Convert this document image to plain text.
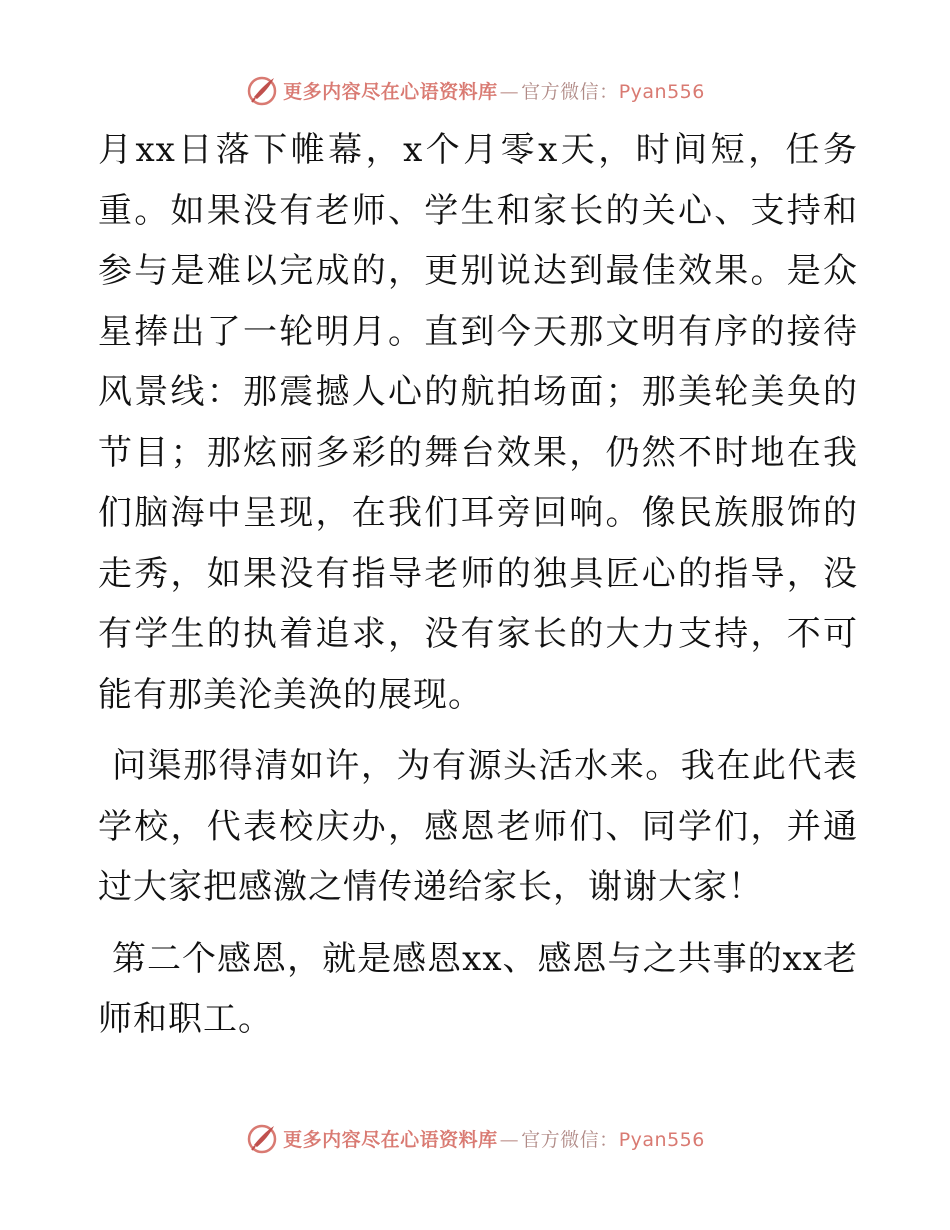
更多内容尽在心语资料库 — 官方微信：Pyan556

月xx日落下帷幕，x个月零x天，时间短，任务重。如果没有老师、学生和家长的关心、支持和参与是难以完成的，更别说达到最佳效果。是众星捧出了一轮明月。直到今天那文明有序的接待风景线：那震撼人心的航拍场面；那美轮美奂的节目；那炫丽多彩的舞台效果，仍然不时地在我们脑海中呈现，在我们耳旁回响。像民族服饰的走秀，如果没有指导老师的独具匠心的指导，没有学生的执着追求，没有家长的大力支持，不可能有那美沦美涣的展现。

问渠那得清如许，为有源头活水来。我在此代表学校，代表校庆办，感恩老师们、同学们，并通过大家把感激之情传递给家长，谢谢大家！

第二个感恩，就是感恩xx、感恩与之共事的xx老师和职工。

更多内容尽在心语资料库 — 官方微信：Pyan556
